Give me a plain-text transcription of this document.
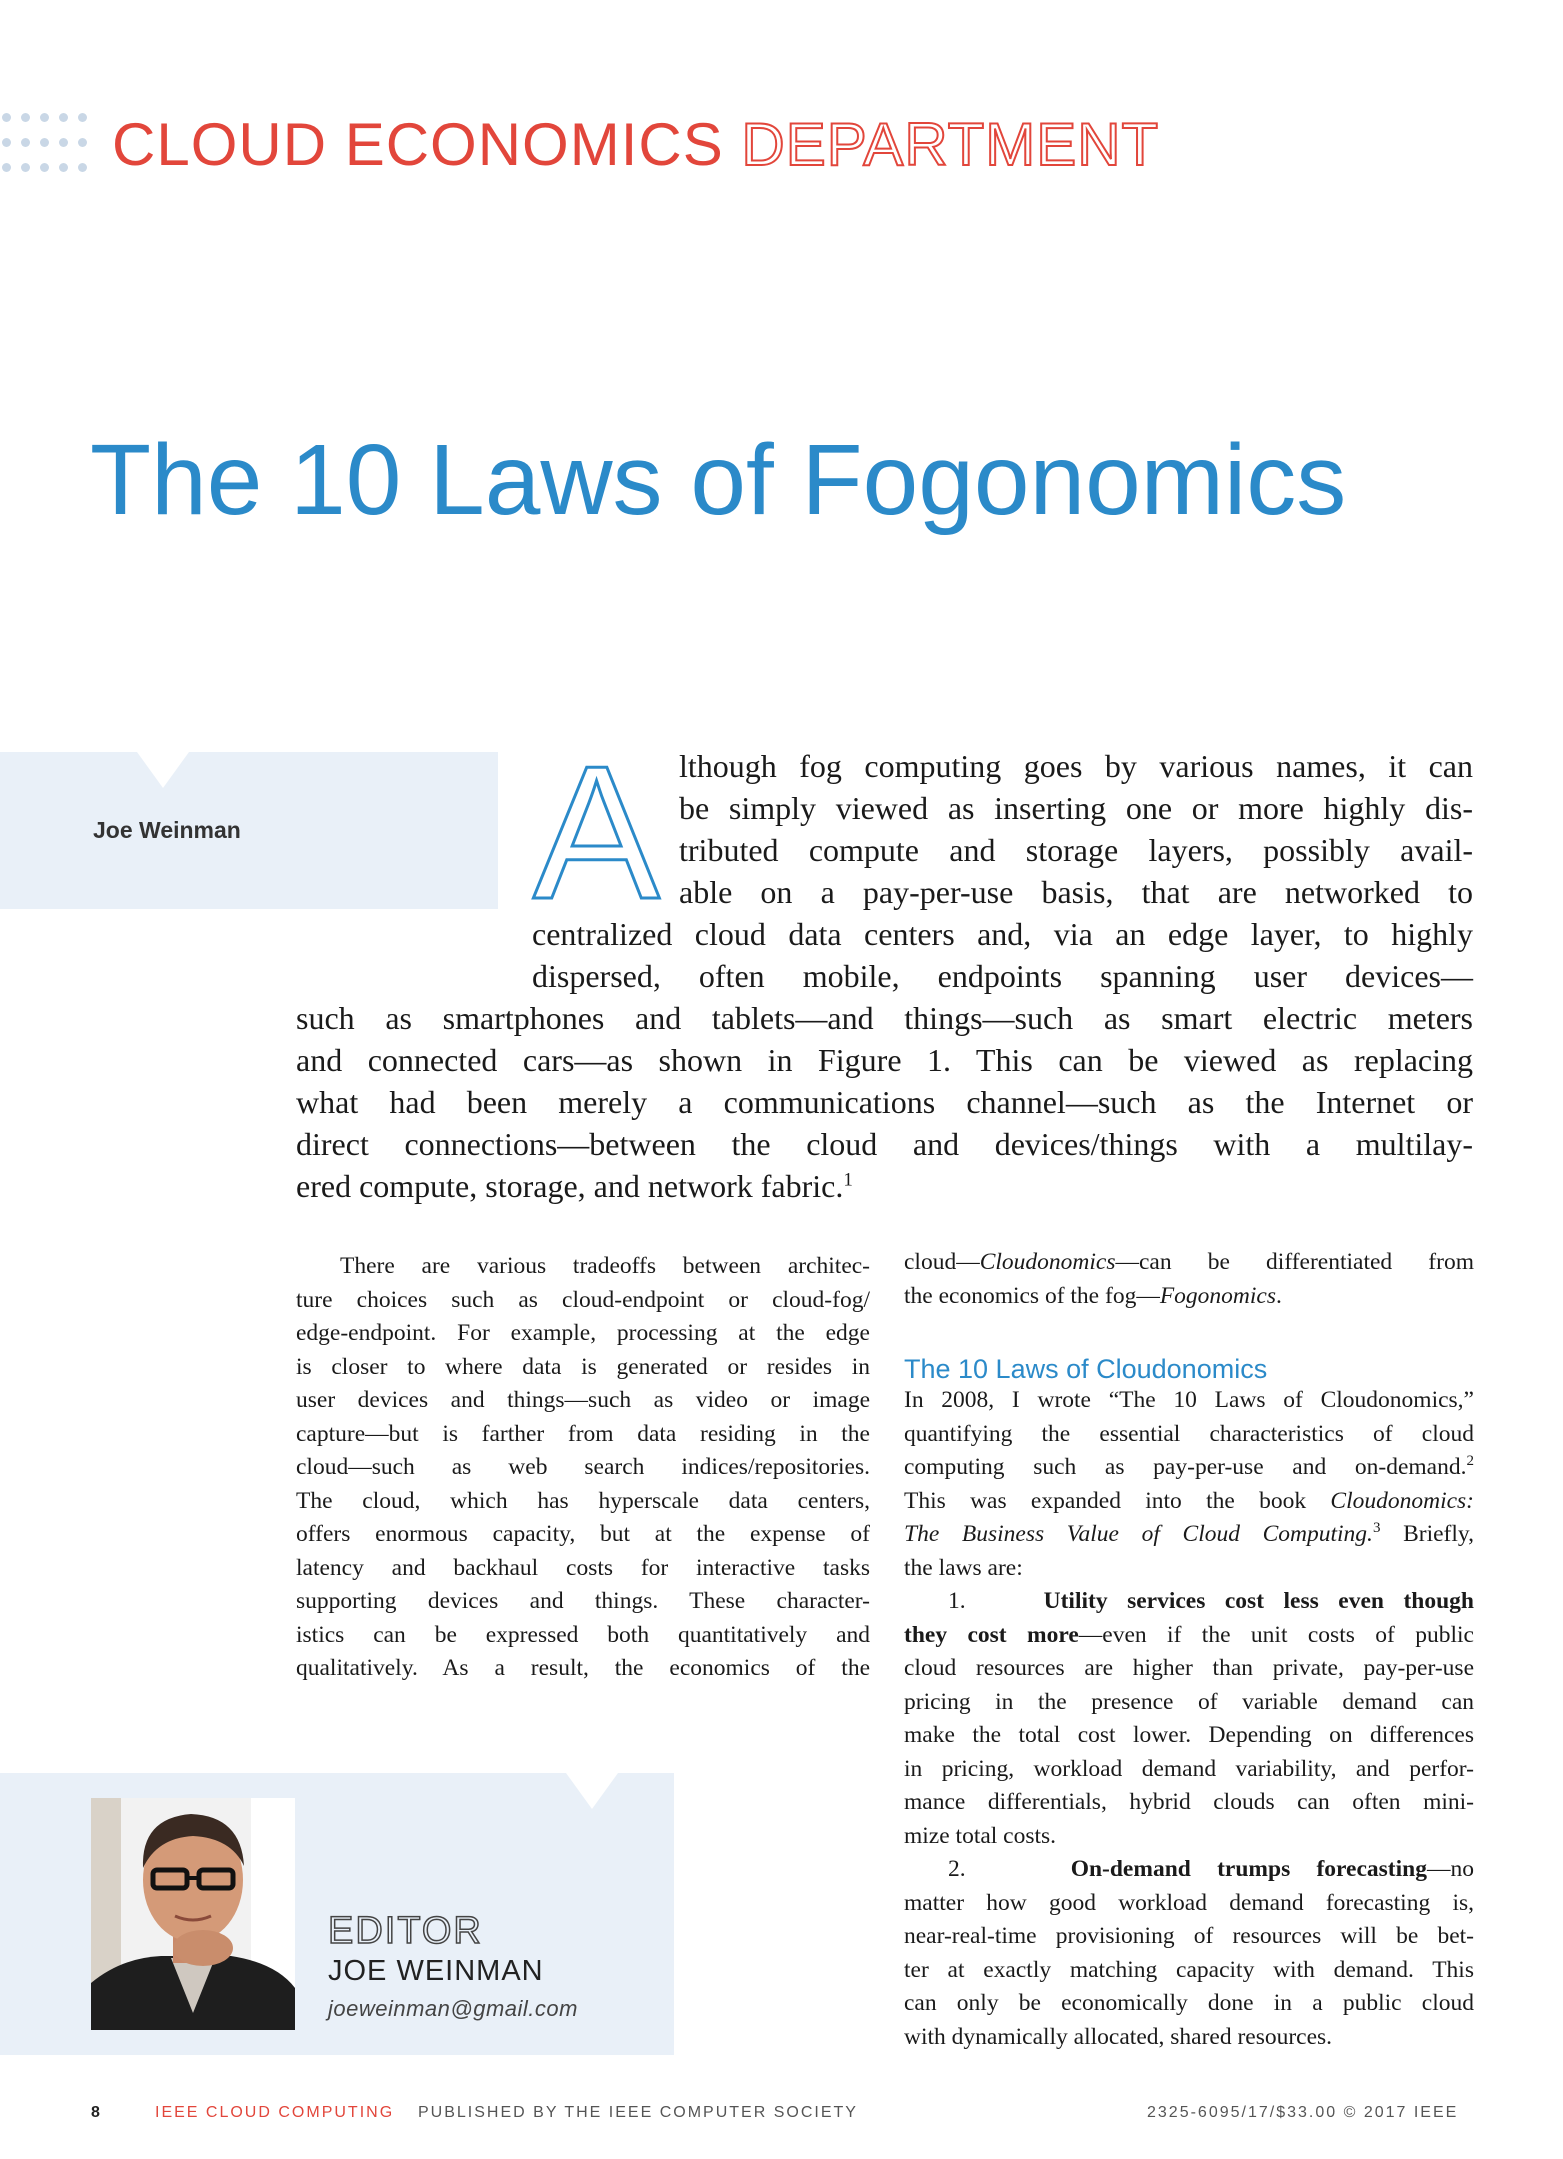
CLOUD ECONOMICS DEPARTMENT
The 10 Laws of Fogonomics
Joe Weinman A lthough fog computing goes by various names, it can
be simply viewed as inserting one or more highly dis-
tributed compute and storage layers, possibly avail-
able on a pay-per-use basis, that are networked to
centralized cloud data centers and, via an edge layer, to highly
dispersed, often mobile, endpoints spanning user devices—
such as smartphones and tablets—and things—such as smart electric meters
and connected cars—as shown in Figure 1. This can be viewed as replacing
what had been merely a communications channel—such as the Internet or
direct connections—between the cloud and devices/things with a multilay-
ered compute, storage, and network fabric.$^1$
There are various tradeoffs between architec-
ture choices such as cloud-endpoint or cloud-fog/
edge-endpoint. For example, processing at the edge
is closer to where data is generated or resides in
user devices and things—such as video or image
capture—but is farther from data residing in the
cloud—such as web search indices/repositories.
The cloud, which has hyperscale data centers,
offers enormous capacity, but at the expense of
latency and backhaul costs for interactive tasks
supporting devices and things. These character-
istics can be expressed both quantitatively and
qualitatively. As a result, the economics of the
cloud—Cloudonomics—can be differentiated from
the economics of the fog—Fogonomics.
The 10 Laws of Cloudonomics
In 2008, I wrote “The 10 Laws of Cloudonomics,”
quantifying the essential characteristics of cloud
computing such as pay-per-use and on-demand.$^2$
This was expanded into the book Cloudonomics:
The Business Value of Cloud Computing.$^3$ Briefly,
the laws are:
1.	Utility services cost less even though
they cost more—even if the unit costs of public
cloud resources are higher than private, pay-per-use
pricing in the presence of variable demand can
make the total cost lower. Depending on differences
in pricing, workload demand variability, and perfor-
mance differentials, hybrid clouds can often mini-
mize total costs.
2.	On-demand trumps forecasting—no
matter how good workload demand forecasting is,
near-real-time provisioning of resources will be bet-
ter at exactly matching capacity with demand. This
can only be economically done in a public cloud
with dynamically allocated, shared resources.
EDITOR
JOE WEINMAN
joeweinman@gmail.com
8	IEEE CLOUD COMPUTING PUBLISHED BY THE IEEE COMPUTER SOCIETY	2325-6095/17/$33.00 © 2017 IEEE
